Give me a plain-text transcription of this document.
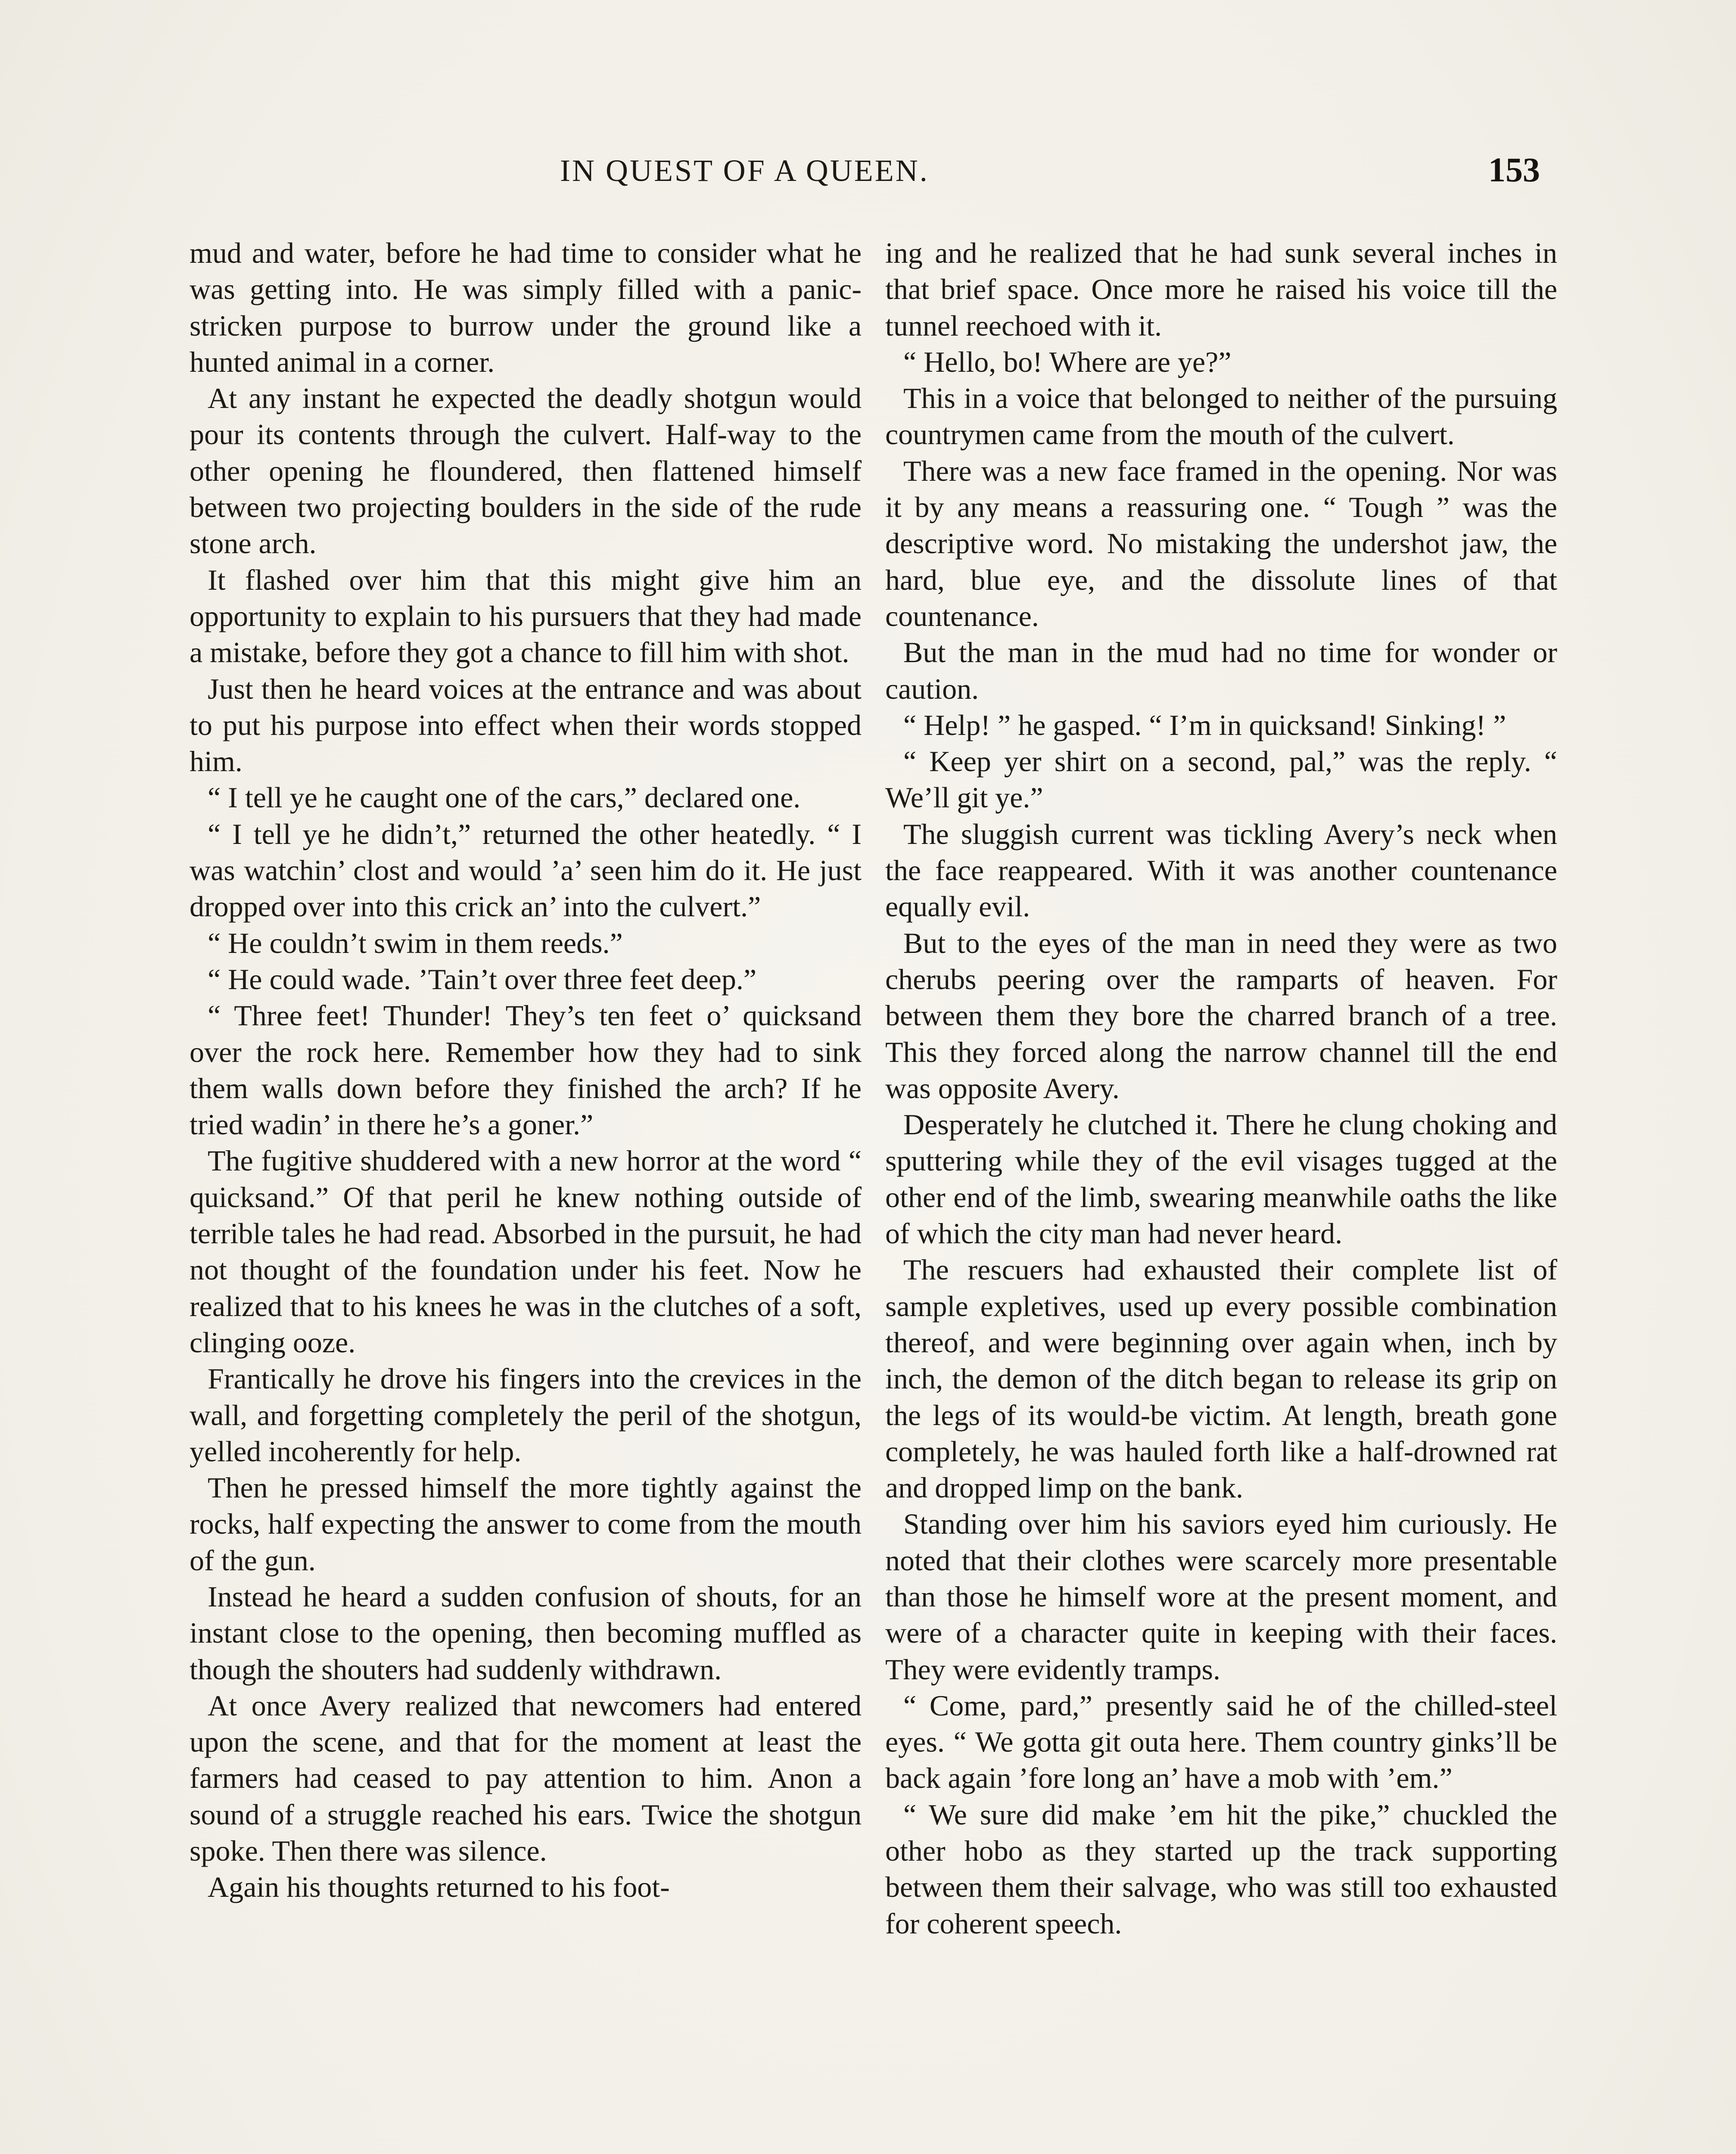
IN QUEST OF A QUEEN.	153

mud and water, before he had time to consider what he was getting into. He was simply filled with a panic-stricken purpose to burrow under the ground like a hunted animal in a corner.

At any instant he expected the deadly shotgun would pour its contents through the culvert. Half-way to the other opening he floundered, then flattened himself between two projecting boulders in the side of the rude stone arch.

It flashed over him that this might give him an opportunity to explain to his pursuers that they had made a mistake, before they got a chance to fill him with shot.

Just then he heard voices at the entrance and was about to put his purpose into effect when their words stopped him.

“ I tell ye he caught one of the cars,” declared one.

“ I tell ye he didn’t,” returned the other heatedly. “ I was watchin’ clost and would ’a’ seen him do it. He just dropped over into this crick an’ into the culvert.”

“ He couldn’t swim in them reeds.”

“ He could wade. ’Tain’t over three feet deep.”

“ Three feet! Thunder! They’s ten feet o’ quicksand over the rock here. Remember how they had to sink them walls down before they finished the arch? If he tried wadin’ in there he’s a goner.”

The fugitive shuddered with a new horror at the word “ quicksand.” Of that peril he knew nothing outside of terrible tales he had read. Absorbed in the pursuit, he had not thought of the foundation under his feet. Now he realized that to his knees he was in the clutches of a soft, clinging ooze.

Frantically he drove his fingers into the crevices in the wall, and forgetting completely the peril of the shotgun, yelled incoherently for help.

Then he pressed himself the more tightly against the rocks, half expecting the answer to come from the mouth of the gun.

Instead he heard a sudden confusion of shouts, for an instant close to the opening, then becoming muffled as though the shouters had suddenly withdrawn.

At once Avery realized that newcomers had entered upon the scene, and that for the moment at least the farmers had ceased to pay attention to him. Anon a sound of a struggle reached his ears. Twice the shotgun spoke. Then there was silence.

Again his thoughts returned to his foot-

ing and he realized that he had sunk several inches in that brief space. Once more he raised his voice till the tunnel reechoed with it.

“ Hello, bo! Where are ye?”

This in a voice that belonged to neither of the pursuing countrymen came from the mouth of the culvert.

There was a new face framed in the opening. Nor was it by any means a reassuring one. “ Tough ” was the descriptive word. No mistaking the undershot jaw, the hard, blue eye, and the dissolute lines of that countenance.

But the man in the mud had no time for wonder or caution.

“ Help! ” he gasped. “ I’m in quicksand! Sinking! ”

“ Keep yer shirt on a second, pal,” was the reply. “ We’ll git ye.”

The sluggish current was tickling Avery’s neck when the face reappeared. With it was another countenance equally evil.

But to the eyes of the man in need they were as two cherubs peering over the ramparts of heaven. For between them they bore the charred branch of a tree. This they forced along the narrow channel till the end was opposite Avery.

Desperately he clutched it. There he clung choking and sputtering while they of the evil visages tugged at the other end of the limb, swearing meanwhile oaths the like of which the city man had never heard.

The rescuers had exhausted their complete list of sample expletives, used up every possible combination thereof, and were beginning over again when, inch by inch, the demon of the ditch began to release its grip on the legs of its would-be victim. At length, breath gone completely, he was hauled forth like a half-drowned rat and dropped limp on the bank.

Standing over him his saviors eyed him curiously. He noted that their clothes were scarcely more presentable than those he himself wore at the present moment, and were of a character quite in keeping with their faces. They were evidently tramps.

“ Come, pard,” presently said he of the chilled-steel eyes. “ We gotta git outa here. Them country ginks’ll be back again ’fore long an’ have a mob with ’em.”

“ We sure did make ’em hit the pike,” chuckled the other hobo as they started up the track supporting between them their salvage, who was still too exhausted for coherent speech.
